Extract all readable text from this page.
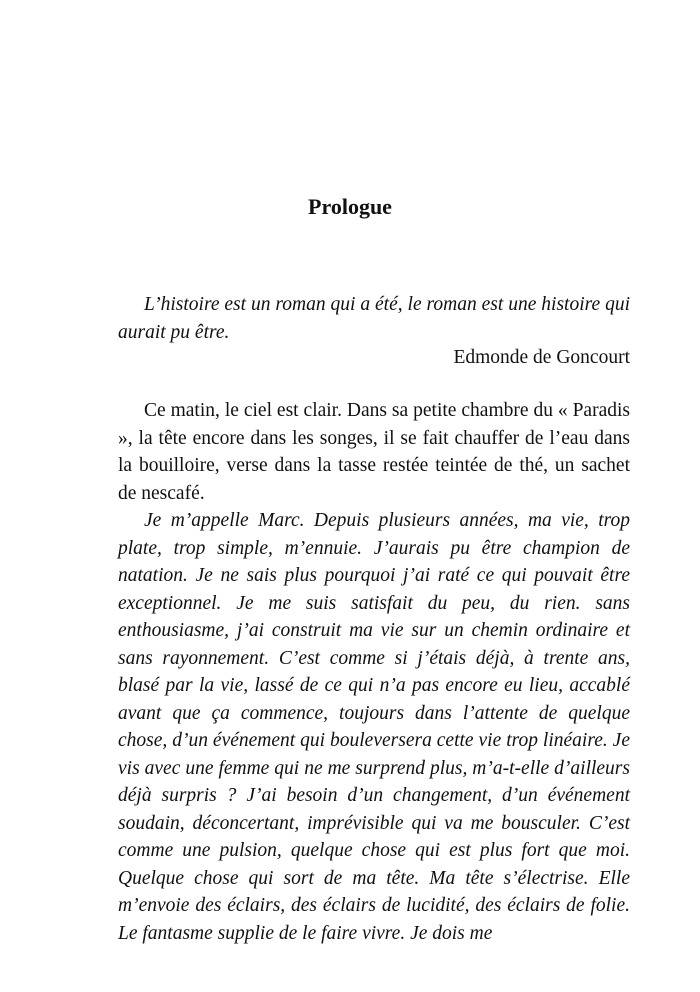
Prologue

L’histoire est un roman qui a été, le roman est une histoire qui aurait pu être.

Edmonde de Goncourt

Ce matin, le ciel est clair. Dans sa petite chambre du « Paradis », la tête encore dans les songes, il se fait chauffer de l’eau dans la bouilloire, verse dans la tasse restée teintée de thé, un sachet de nescafé.

Je m’appelle Marc. Depuis plusieurs années, ma vie, trop plate, trop simple, m’ennuie. J’aurais pu être champion de natation. Je ne sais plus pourquoi j’ai raté ce qui pouvait être exceptionnel. Je me suis satisfait du peu, du rien. sans enthousiasme, j’ai construit ma vie sur un chemin ordinaire et sans rayonnement. C’est comme si j’étais déjà, à trente ans, blasé par la vie, lassé de ce qui n’a pas encore eu lieu, accablé avant que ça commence, toujours dans l’attente de quelque chose, d’un événement qui bouleversera cette vie trop linéaire. Je vis avec une femme qui ne me surprend plus, m’a-t-elle d’ailleurs déjà surpris ? J’ai besoin d’un changement, d’un événement soudain, déconcertant, imprévisible qui va me bousculer. C’est comme une pulsion, quelque chose qui est plus fort que moi. Quelque chose qui sort de ma tête. Ma tête s’électrise. Elle m’envoie des éclairs, des éclairs de lucidité, des éclairs de folie. Le fantasme supplie de le faire vivre. Je dois me
